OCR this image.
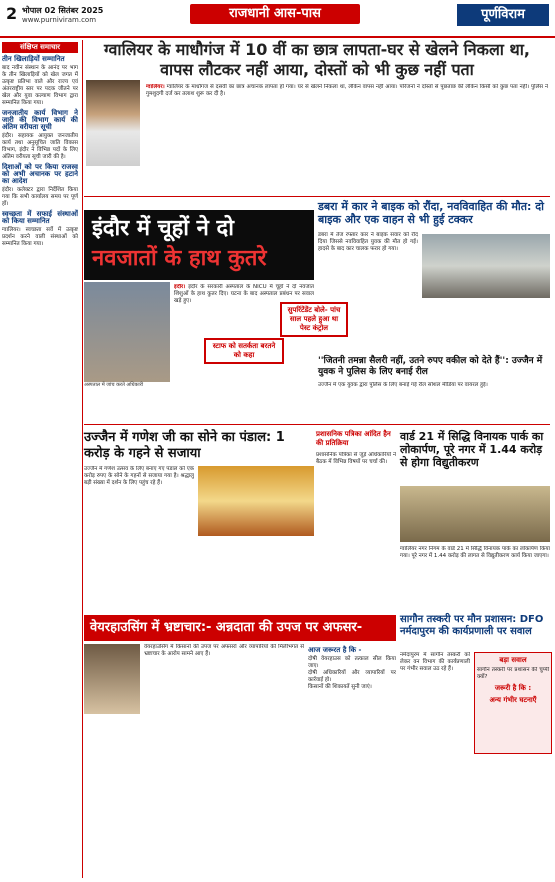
2 भोपाल 02 सितंबर 2025
www.purniviram.com	राजधानी आस-पास	पूर्णविराम
संक्षिप्त समाचार
तीन खिलाड़ियों सम्मानित
बाद नवीन संस्थान के आनंद पर भाग के तीन खिलाड़ियों को खेल जगत में उत्कृष्ट प्रतिभा वाले और राज्य एवं अंतरराष्ट्रीय स्तर पर पदक जीतने पर खेल और युवा कल्याण विभाग द्वारा सम्मानित किया गया।
जनजातीय कार्य विभाग ने जारी की विभाग कार्य की अंतिम वरीयता सूची
इंदौर। सहायक आयुक्त जनजातीय कार्य तथा अनुसूचित जाति विकास विभाग, इंदौर ने विभिन्न पदों के लिए अंतिम वरीयता सूची जारी की है।
दिशाओं को पर किया राजस्व को अभी अचानक पर हटाने का आदेश
इंदौर। कलेक्टर द्वारा निर्देशित किया गया कि सभी कार्यालय समय पर पूर्ण हों।
स्वच्छता में सफाई संस्थाओं को किया सम्मानित
ग्वालियर। स्वच्छता सर्वे में उत्कृष्ट प्रदर्शन करने वाली संस्थाओं को सम्मानित किया गया।
ग्वालियर के माधौगंज में 10 वीं का छात्र लापता-घर से खेलने निकला था, वापस लौटकर नहीं आया, दोस्तों को भी कुछ नहीं पता
ग्वालियर। ग्वालियर के माधौगंज से दसवीं का छात्र अचानक लापता हो गया। घर से खेलने निकला था, लेकिन वापस नहीं आया। परिजनों ने दोस्तों से पूछताछ की लेकिन किसी को कुछ पता नहीं। पुलिस ने गुमशुदगी दर्ज कर तलाश शुरू कर दी है।
इंदौर में चूहों ने दो
नवजातों के हाथ कुतरे
अस्पताल में जांच करते अधिकारी
इंदौर। इंदौर के सरकारी अस्पताल के NICU में चूहों ने दो नवजात शिशुओं के हाथ कुतर दिए। घटना के बाद अस्पताल प्रबंधन पर सवाल खड़े हुए।
स्टाफ को सतर्कता बरतने को कहा
सुपरिंटेंडेंट बोले- पांच साल पहले हुआ था पेस्ट कंट्रोल
डबरा में कार ने बाइक को रौंदा, नवविवाहित की मौत: दो बाइक और एक वाहन से भी हुई टक्कर
डबरा में तेज रफ्तार कार ने बाइक सवार को रौंद दिया जिससे नवविवाहित युवक की मौत हो गई। हादसे के बाद कार चालक फरार हो गया।
''जितनी तमन्ना सैलरी नहीं, उतने रुपए वकील को देते हैं'': उज्जैन में युवक ने पुलिस के लिए बनाई रील
उज्जैन में एक युवक द्वारा पुलिस के लिए बनाई गई रील सोशल मीडिया पर वायरल हुई।
उज्जैन में गणेश जी का सोने का पंडाल: 1 करोड़ के गहने से सजाया
उज्जैन में गणेश उत्सव के लिए बनाए गए पंडाल को एक करोड़ रुपए के सोने के गहनों से सजाया गया है। श्रद्धालु बड़ी संख्या में दर्शन के लिए पहुंच रहे हैं।
प्रशासनिक पत्रिका आंदित हैन की प्रतिक्रिया
प्रशासनिक पत्रिका से जुड़े अधिकारियों ने बैठक में विभिन्न विषयों पर चर्चा की।
वार्ड 21 में सिद्धि विनायक पार्क का लोकार्पण, पूरे नगर में 1.44 करोड़ से होगा विद्युतीकरण
ग्वालियर नगर निगम के वार्ड 21 में सिद्धि विनायक पार्क का लोकार्पण किया गया। पूरे नगर में 1.44 करोड़ की लागत से विद्युतीकरण कार्य किया जाएगा।
वेयरहाउसिंग में भ्रष्टाचार:- अन्नदाता की उपज पर अफसर-
वेयरहाउसिंग में किसानों की उपज पर अफसरों और व्यापारियों की मिलीभगत से भ्रष्टाचार के आरोप सामने आए हैं।	आज जरूरत है कि -
दोषी वेयरहाउस को तत्काल सील किया जाए।
दोषी अधिकारियों और व्यापारियों पर कार्रवाई हो।
किसानों की शिकायतें सुनी जाएं।
सागौन तस्करी पर मौन प्रशासन: DFO नर्मदापुरम की कार्यप्रणाली पर सवाल
नर्मदापुरम में सागौन तस्करी को लेकर वन विभाग की कार्यप्रणाली पर गंभीर सवाल उठ रहे हैं।
बड़ा सवाल
सागौन तस्करी पर प्रशासन की चुप्पी क्यों?
जरूरी है कि :
अन्य गंभीर घटनाएँ
